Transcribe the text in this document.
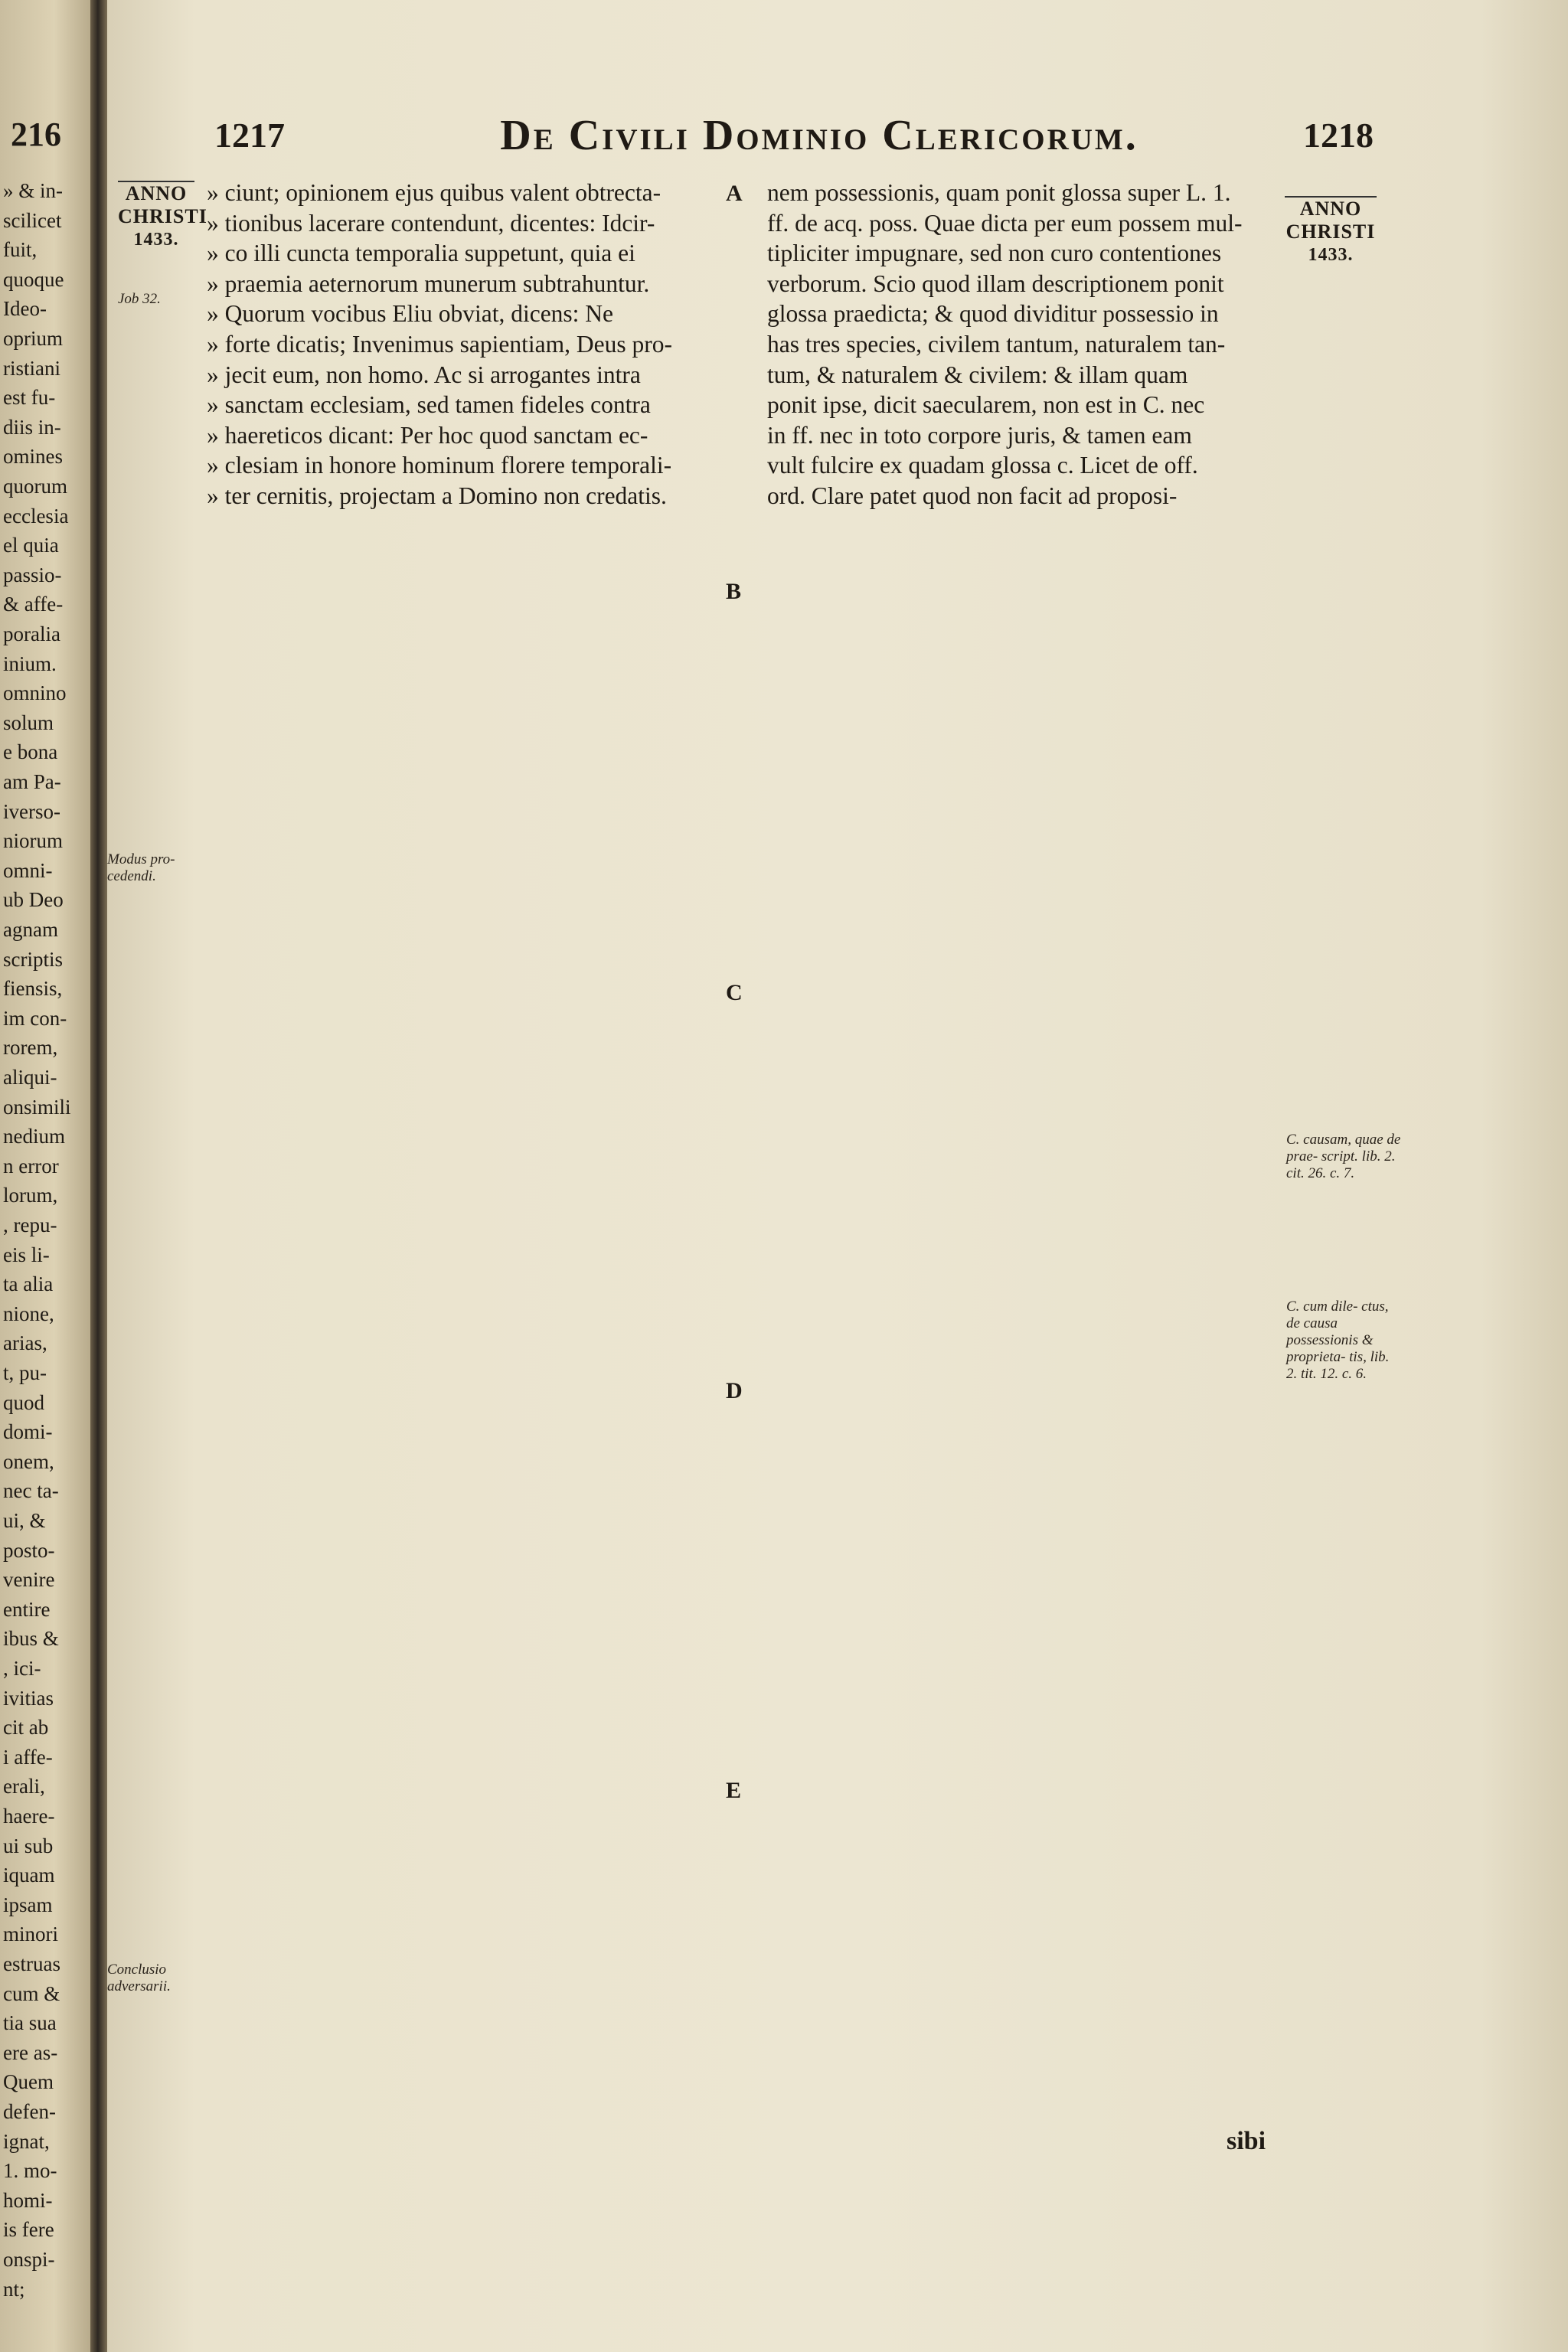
216
» & in-
scilicet
fuit,
quoque
Ideo-
oprium
ristiani
est fu-
diis in-
omines
quorum
ecclesia
el quia
passio-
& affe-
poralia
inium.
omnino
solum
e bona
am Pa-
iverso-
niorum
omni-
ub Deo
agnam
scriptis
fiensis,
im con-
rorem,
aliqui-
onsimili
nedium
n error
lorum,
, repu-
eis li-
ta alia
nione,
arias,
t, pu-
quod
domi-
onem,
nec ta-
ui, &
posto-
venire
entire
ibus &
, ici-
ivitias
cit ab
i affe-
erali,
haere-
ui sub
iquam
ipsam
minori
estruas
cum &
tia sua
ere as-
Quem
defen-
ignat,
1. mo-
homi-
is fere
onspi-
nt;
1217	De Civili Dominio Clericorum.	1218
ANNO CHRISTI
1433.
ANNO CHRISTI
1433.
Job 32.
Modus pro- cedendi.
Conclusio adversarii.
C. causam, quae de prae- script. lib. 2. cit. 26. c. 7.
C. cum dile- ctus, de causa possessionis & proprieta- tis, lib. 2. tit. 12. c. 6.
A
B
C
D
E

» ciunt; opinionem ejus quibus valent obtrecta-

» tionibus lacerare contendunt, dicentes: Idcir-

» co illi cuncta temporalia suppetunt, quia ei

» praemia aeternorum munerum subtrahuntur.

» Quorum vocibus Eliu obviat, dicens: Ne

» forte dicatis; Invenimus sapientiam, Deus pro-

» jecit eum, non homo. Ac si arrogantes intra

» sanctam ecclesiam, sed tamen fideles contra

» haereticos dicant: Per hoc quod sanctam ec-

» clesiam in honore hominum florere temporali-

» ter cernitis, projectam a Domino non credatis.

nem possessionis, quam ponit glossa super L. 1.

ff. de acq. poss. Quae dicta per eum possem mul-

tipliciter impugnare, sed non curo contentiones

verborum. Scio quod illam descriptionem ponit

glossa praedicta; & quod dividitur possessio in

has tres species, civilem tantum, naturalem tan-

tum, & naturalem & civilem: & illam quam

ponit ipse, dicit saecularem, non est in C. nec

in ff. nec in toto corpore juris, & tamen eam

vult fulcire ex quadam glossa c. Licet de off.

ord. Clare patet quod non facit ad proposi-

sibi
